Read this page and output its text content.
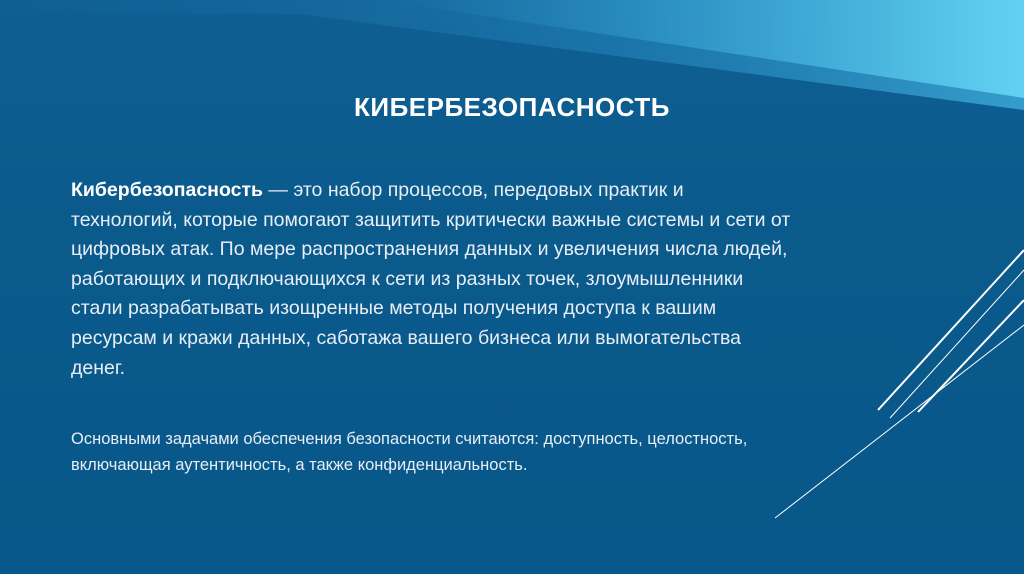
КИБЕРБЕЗОПАСНОСТЬ
Кибербезопасность — это набор процессов, передовых практик и технологий, которые помогают защитить критически важные системы и сети от цифровых атак. По мере распространения данных и увеличения числа людей, работающих и подключающихся к сети из разных точек, злоумышленники стали разрабатывать изощренные методы получения доступа к вашим ресурсам и кражи данных, саботажа вашего бизнеса или вымогательства денег.
Основными задачами обеспечения безопасности считаются: доступность, целостность, включающая аутентичность, а также конфиденциальность.
